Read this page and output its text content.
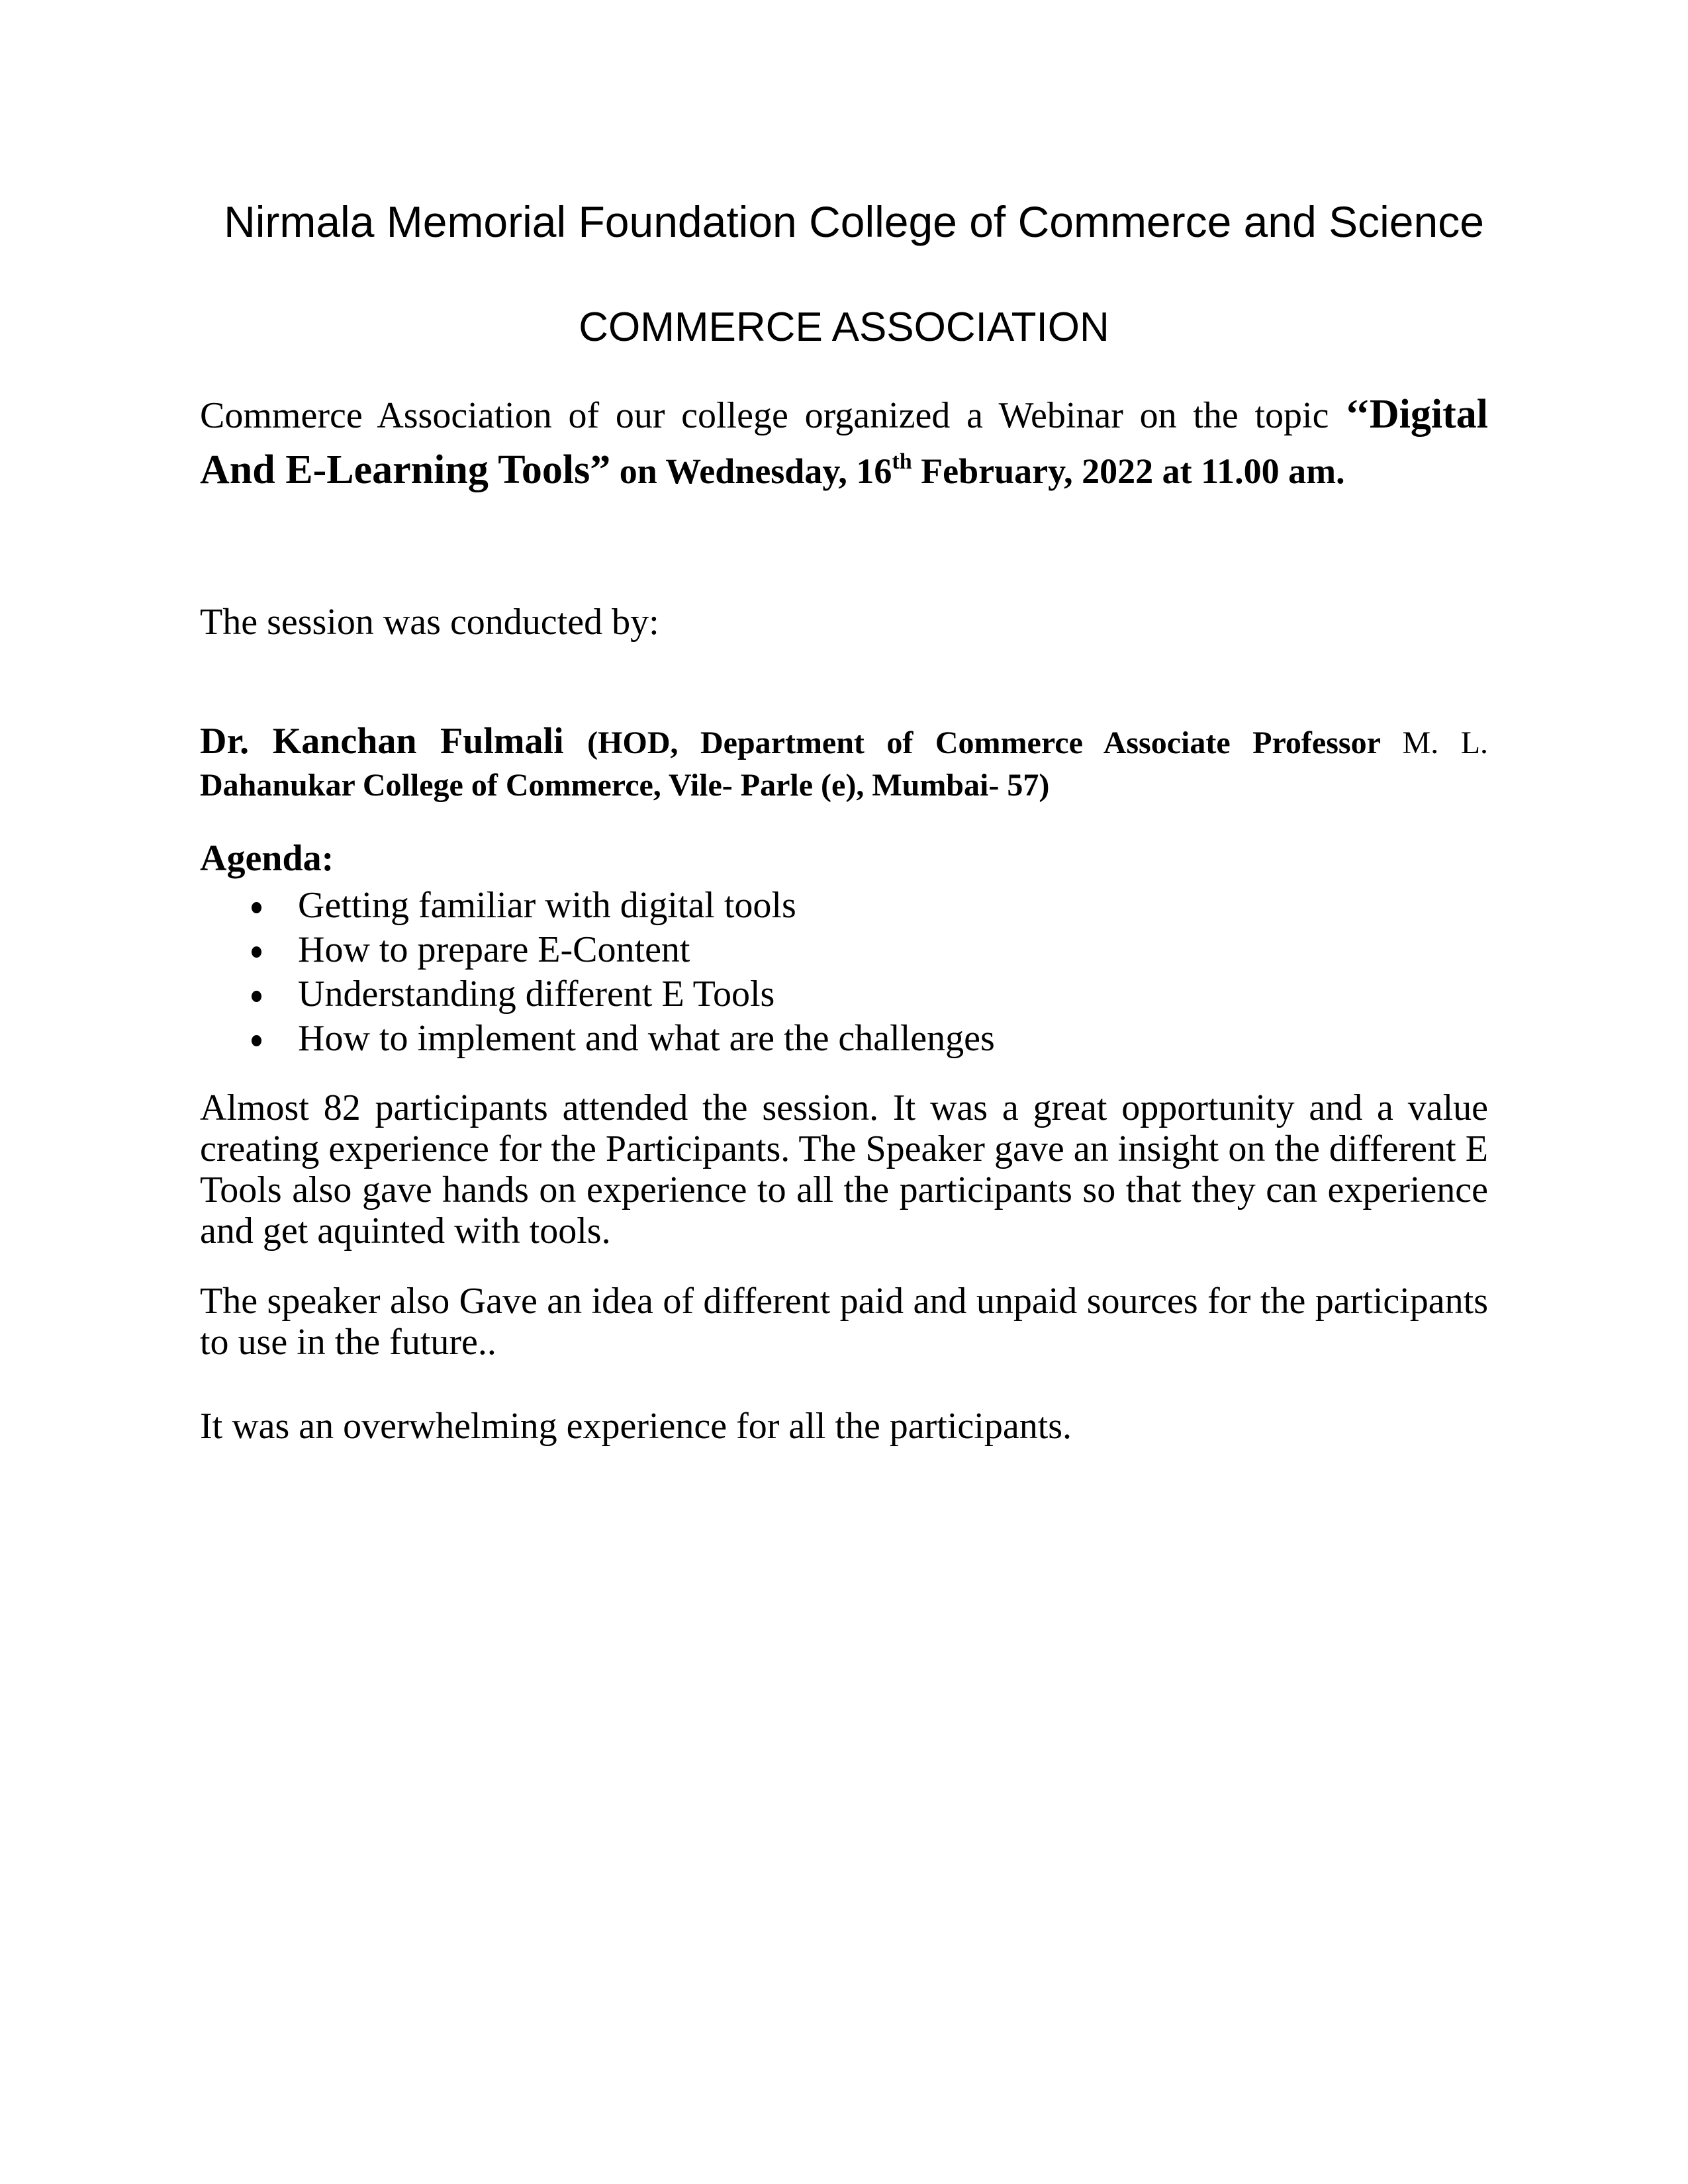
Nirmala Memorial Foundation College of Commerce and Science
COMMERCE ASSOCIATION
Commerce Association of our college organized a Webinar on the topic ‘‘Digital And E-Learning Tools” on Wednesday, 16th February, 2022 at 11.00 am.
The session was conducted by:
Dr. Kanchan Fulmali (HOD, Department of Commerce Associate Professor M. L. Dahanukar College of Commerce, Vile- Parle (e), Mumbai- 57)
Agenda:
Getting familiar with digital tools
How to prepare E-Content
Understanding different E Tools
How to implement and what are the challenges
Almost 82 participants attended the session. It was a great opportunity and a value creating experience for the Participants. The Speaker gave an insight on the different E Tools also gave hands on experience to all the participants so that they can experience and get aquinted with tools.
The speaker also Gave an idea of different paid and unpaid sources for the participants to use in the future..
It was an overwhelming experience for all the participants.
